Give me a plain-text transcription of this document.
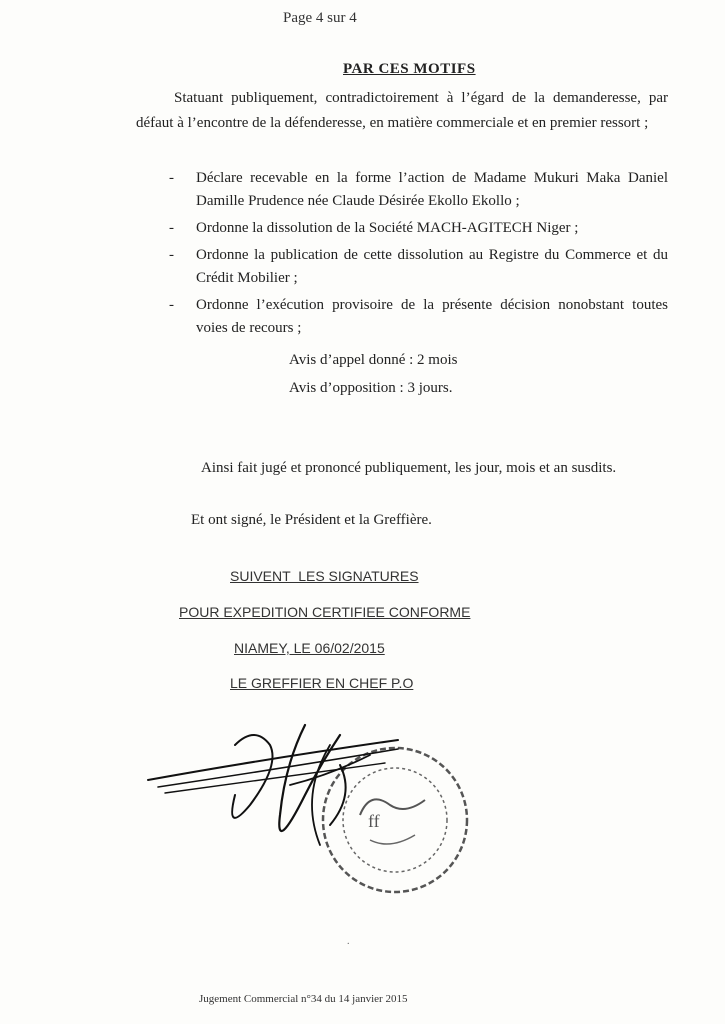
Page 4 sur 4
PAR CES MOTIFS
Statuant publiquement, contradictoirement à l’égard de la demanderesse, par défaut à l’encontre de la défenderesse, en matière commerciale et en premier ressort ;
- Déclare recevable en la forme l’action de Madame Mukuri Maka Daniel Damille Prudence née Claude Désirée Ekollo Ekollo ;
- Ordonne la dissolution de la Société MACH-AGITECH Niger ;
- Ordonne la publication de cette dissolution au Registre du Commerce et du Crédit Mobilier ;
- Ordonne l’exécution provisoire de la présente décision nonobstant toutes voies de recours ;
Avis d’appel donné : 2 mois
Avis d’opposition : 3 jours.
Ainsi fait jugé et prononcé publiquement, les jour, mois et an susdits.
Et ont signé, le Président et la Greffière.
SUIVENT  LES SIGNATURES
POUR EXPEDITION CERTIFIEE CONFORME
NIAMEY, LE 06/02/2015
LE GREFFIER EN CHEF P.O
ff
.
Jugement Commercial n°34 du 14 janvier 2015
